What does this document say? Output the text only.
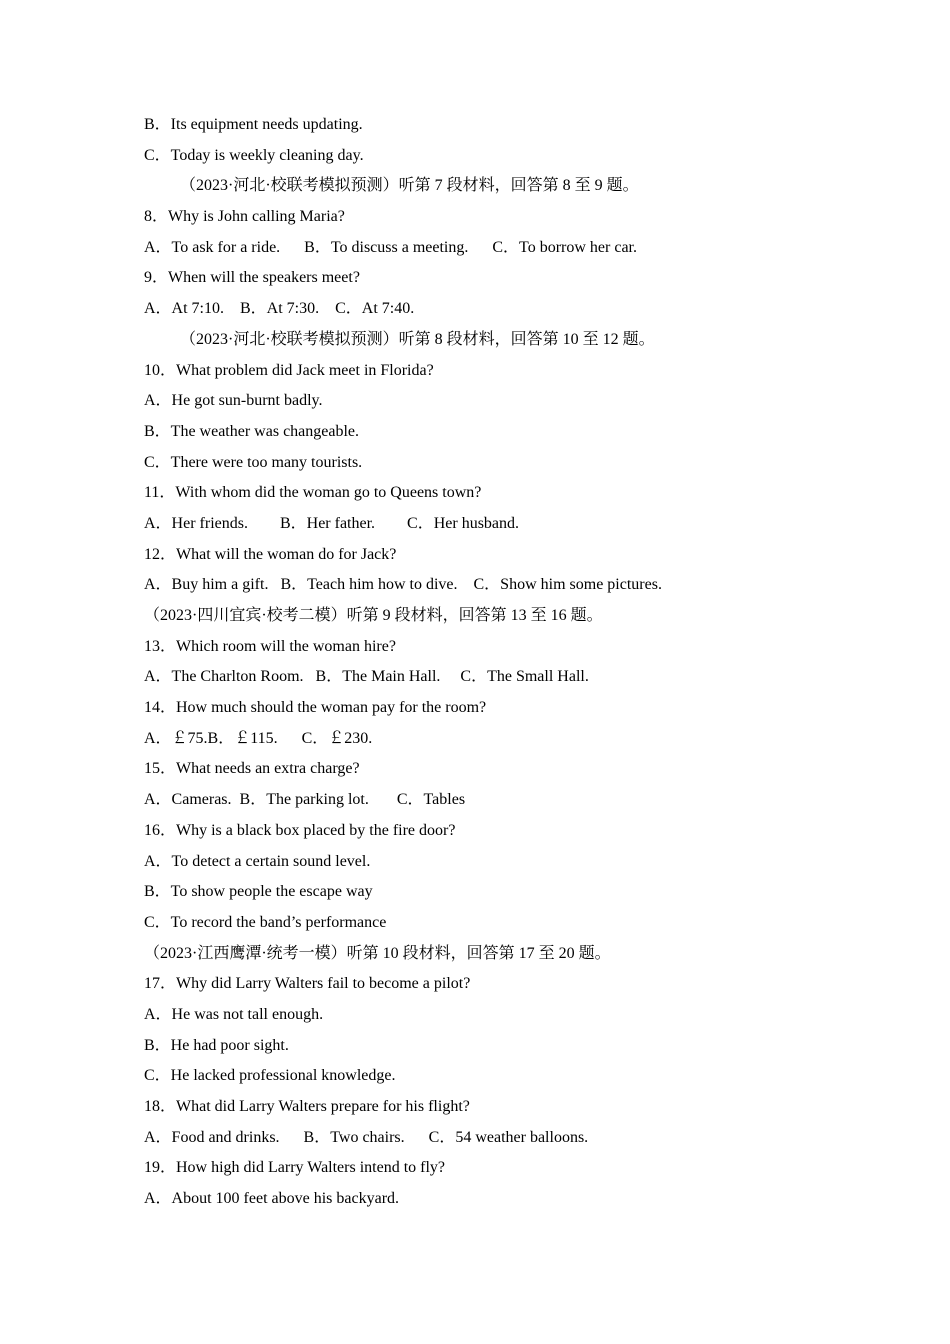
B．Its equipment needs updating.
C．Today is weekly cleaning day.
（2023·河北·校联考模拟预测）听第 7 段材料，回答第 8 至 9 题。
8．Why is John calling Maria?
A．To ask for a ride.      B．To discuss a meeting.      C．To borrow her car.
9．When will the speakers meet?
A．At 7:10.    B．At 7:30.    C．At 7:40.
（2023·河北·校联考模拟预测）听第 8 段材料，回答第 10 至 12 题。
10．What problem did Jack meet in Florida?
A．He got sun-burnt badly.
B．The weather was changeable.
C．There were too many tourists.
11．With whom did the woman go to Queens town?
A．Her friends.        B．Her father.        C．Her husband.
12．What will the woman do for Jack?
A．Buy him a gift.   B．Teach him how to dive.    C．Show him some pictures.
（2023·四川宜宾·校考二模）听第 9 段材料，回答第 13 至 16 题。
13．Which room will the woman hire?
A．The Charlton Room.   B．The Main Hall.     C．The Small Hall.
14．How much should the woman pay for the room?
A．￡75.B．￡115.      C．￡230.
15．What needs an extra charge?
A．Cameras.  B．The parking lot.       C．Tables
16．Why is a black box placed by the fire door?
A．To detect a certain sound level.
B．To show people the escape way
C．To record the band’s performance
（2023·江西鹰潭·统考一模）听第 10 段材料，回答第 17 至 20 题。
17．Why did Larry Walters fail to become a pilot?
A．He was not tall enough.
B．He had poor sight.
C．He lacked professional knowledge.
18．What did Larry Walters prepare for his flight?
A．Food and drinks.      B．Two chairs.      C．54 weather balloons.
19．How high did Larry Walters intend to fly?
A．About 100 feet above his backyard.
